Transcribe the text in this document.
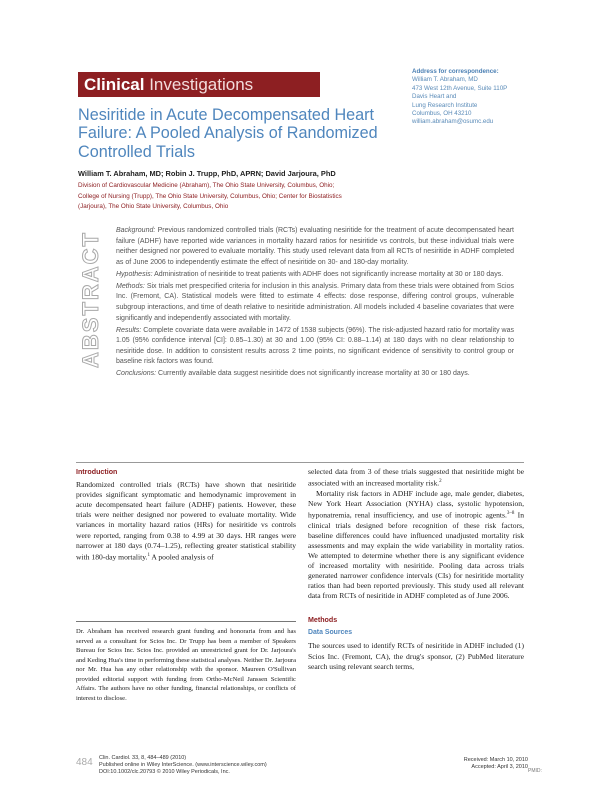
Clinical Investigations
Address for correspondence:
William T. Abraham, MD
473 West 12th Avenue, Suite 110P
Davis Heart and
Lung Research Institute
Columbus, OH 43210
william.abraham@osumc.edu
Nesiritide in Acute Decompensated Heart Failure: A Pooled Analysis of Randomized Controlled Trials
William T. Abraham, MD; Robin J. Trupp, PhD, APRN; David Jarjoura, PhD
Division of Cardiovascular Medicine (Abraham), The Ohio State University, Columbus, Ohio;
College of Nursing (Trupp), The Ohio State University, Columbus, Ohio; Center for Biostatistics
(Jarjoura), The Ohio State University, Columbus, Ohio
ABSTRACT

Background: Previous randomized controlled trials (RCTs) evaluating nesiritide for the treatment of acute decompensated heart failure (ADHF) have reported wide variances in mortality hazard ratios for nesiritide vs controls, but these individual trials were neither designed nor powered to evaluate mortality. This study used relevant data from all RCTs of nesiritide in ADHF completed as of June 2006 to independently estimate the effect of nesiritide on 30- and 180-day mortality.

Hypothesis: Administration of nesiritide to treat patients with ADHF does not significantly increase mortality at 30 or 180 days.

Methods: Six trials met prespecified criteria for inclusion in this analysis. Primary data from these trials were obtained from Scios Inc. (Fremont, CA). Statistical models were fitted to estimate 4 effects: dose response, differing control groups, vulnerable subgroup interactions, and time of death relative to nesiritide administration. All models included 4 baseline covariates that were significantly and independently associated with mortality.

Results: Complete covariate data were available in 1472 of 1538 subjects (96%). The risk-adjusted hazard ratio for mortality was 1.05 (95% confidence interval [CI]: 0.85–1.30) at 30 and 1.00 (95% CI: 0.88–1.14) at 180 days with no clear relationship to nesiritide dose. In addition to consistent results across 2 time points, no significant evidence of sensitivity to control group or baseline risk factors was found.

Conclusions: Currently available data suggest nesiritide does not significantly increase mortality at 30 or 180 days.

Introduction

Randomized controlled trials (RCTs) have shown that nesiritide provides significant symptomatic and hemodynamic improvement in acute decompensated heart failure (ADHF) patients. However, these trials were neither designed nor powered to evaluate mortality. Wide variances in mortality hazard ratios (HRs) for nesiritide vs controls were reported, ranging from 0.38 to 4.99 at 30 days. HR ranges were narrower at 180 days (0.74–1.25), reflecting greater statistical stability with 180-day mortality.$^1$ A pooled analysis of

Dr. Abraham has received research grant funding and honoraria from and has served as a consultant for Scios Inc. Dr Trupp has been a member of Speakers Bureau for Scios Inc. Scios Inc. provided an unrestricted grant for Dr. Jarjoura's and Keding Hua's time in performing these statistical analyses. Neither Dr. Jarjoura nor Mr. Hua has any other relationship with the sponsor. Maureen O'Sullivan provided editorial support with funding from Ortho-McNeil Janssen Scientific Affairs. The authors have no other funding, financial relationships, or conflicts of interest to disclose.

selected data from 3 of these trials suggested that nesiritide might be associated with an increased mortality risk.$^2$

Mortality risk factors in ADHF include age, male gender, diabetes, New York Heart Association (NYHA) class, systolic hypotension, hyponatremia, renal insufficiency, and use of inotropic agents.$^{3-8}$ In clinical trials designed before recognition of these risk factors, baseline differences could have influenced unadjusted mortality risk assessments and may explain the wide variability in mortality ratios. We attempted to determine whether there is any significant evidence of increased mortality with nesiritide. Pooling data across trials generated narrower confidence intervals (CIs) for nesiritide mortality ratios than had been reported previously. This study used all relevant data from RCTs of nesiritide in ADHF completed as of June 2006.

Methods
Data Sources

The sources used to identify RCTs of nesiritide in ADHF included (1) Scios Inc. (Fremont, CA), the drug's sponsor, (2) PubMed literature search using relevant search terms,

484 Clin. Cardiol. 33, 8, 484–489 (2010)
Published online in Wiley InterScience. (www.interscience.wiley.com)
DOI:10.1002/clc.20793 © 2010 Wiley Periodicals, Inc.
Received: March 10, 2010
Accepted: April 3, 2010
PMID:
